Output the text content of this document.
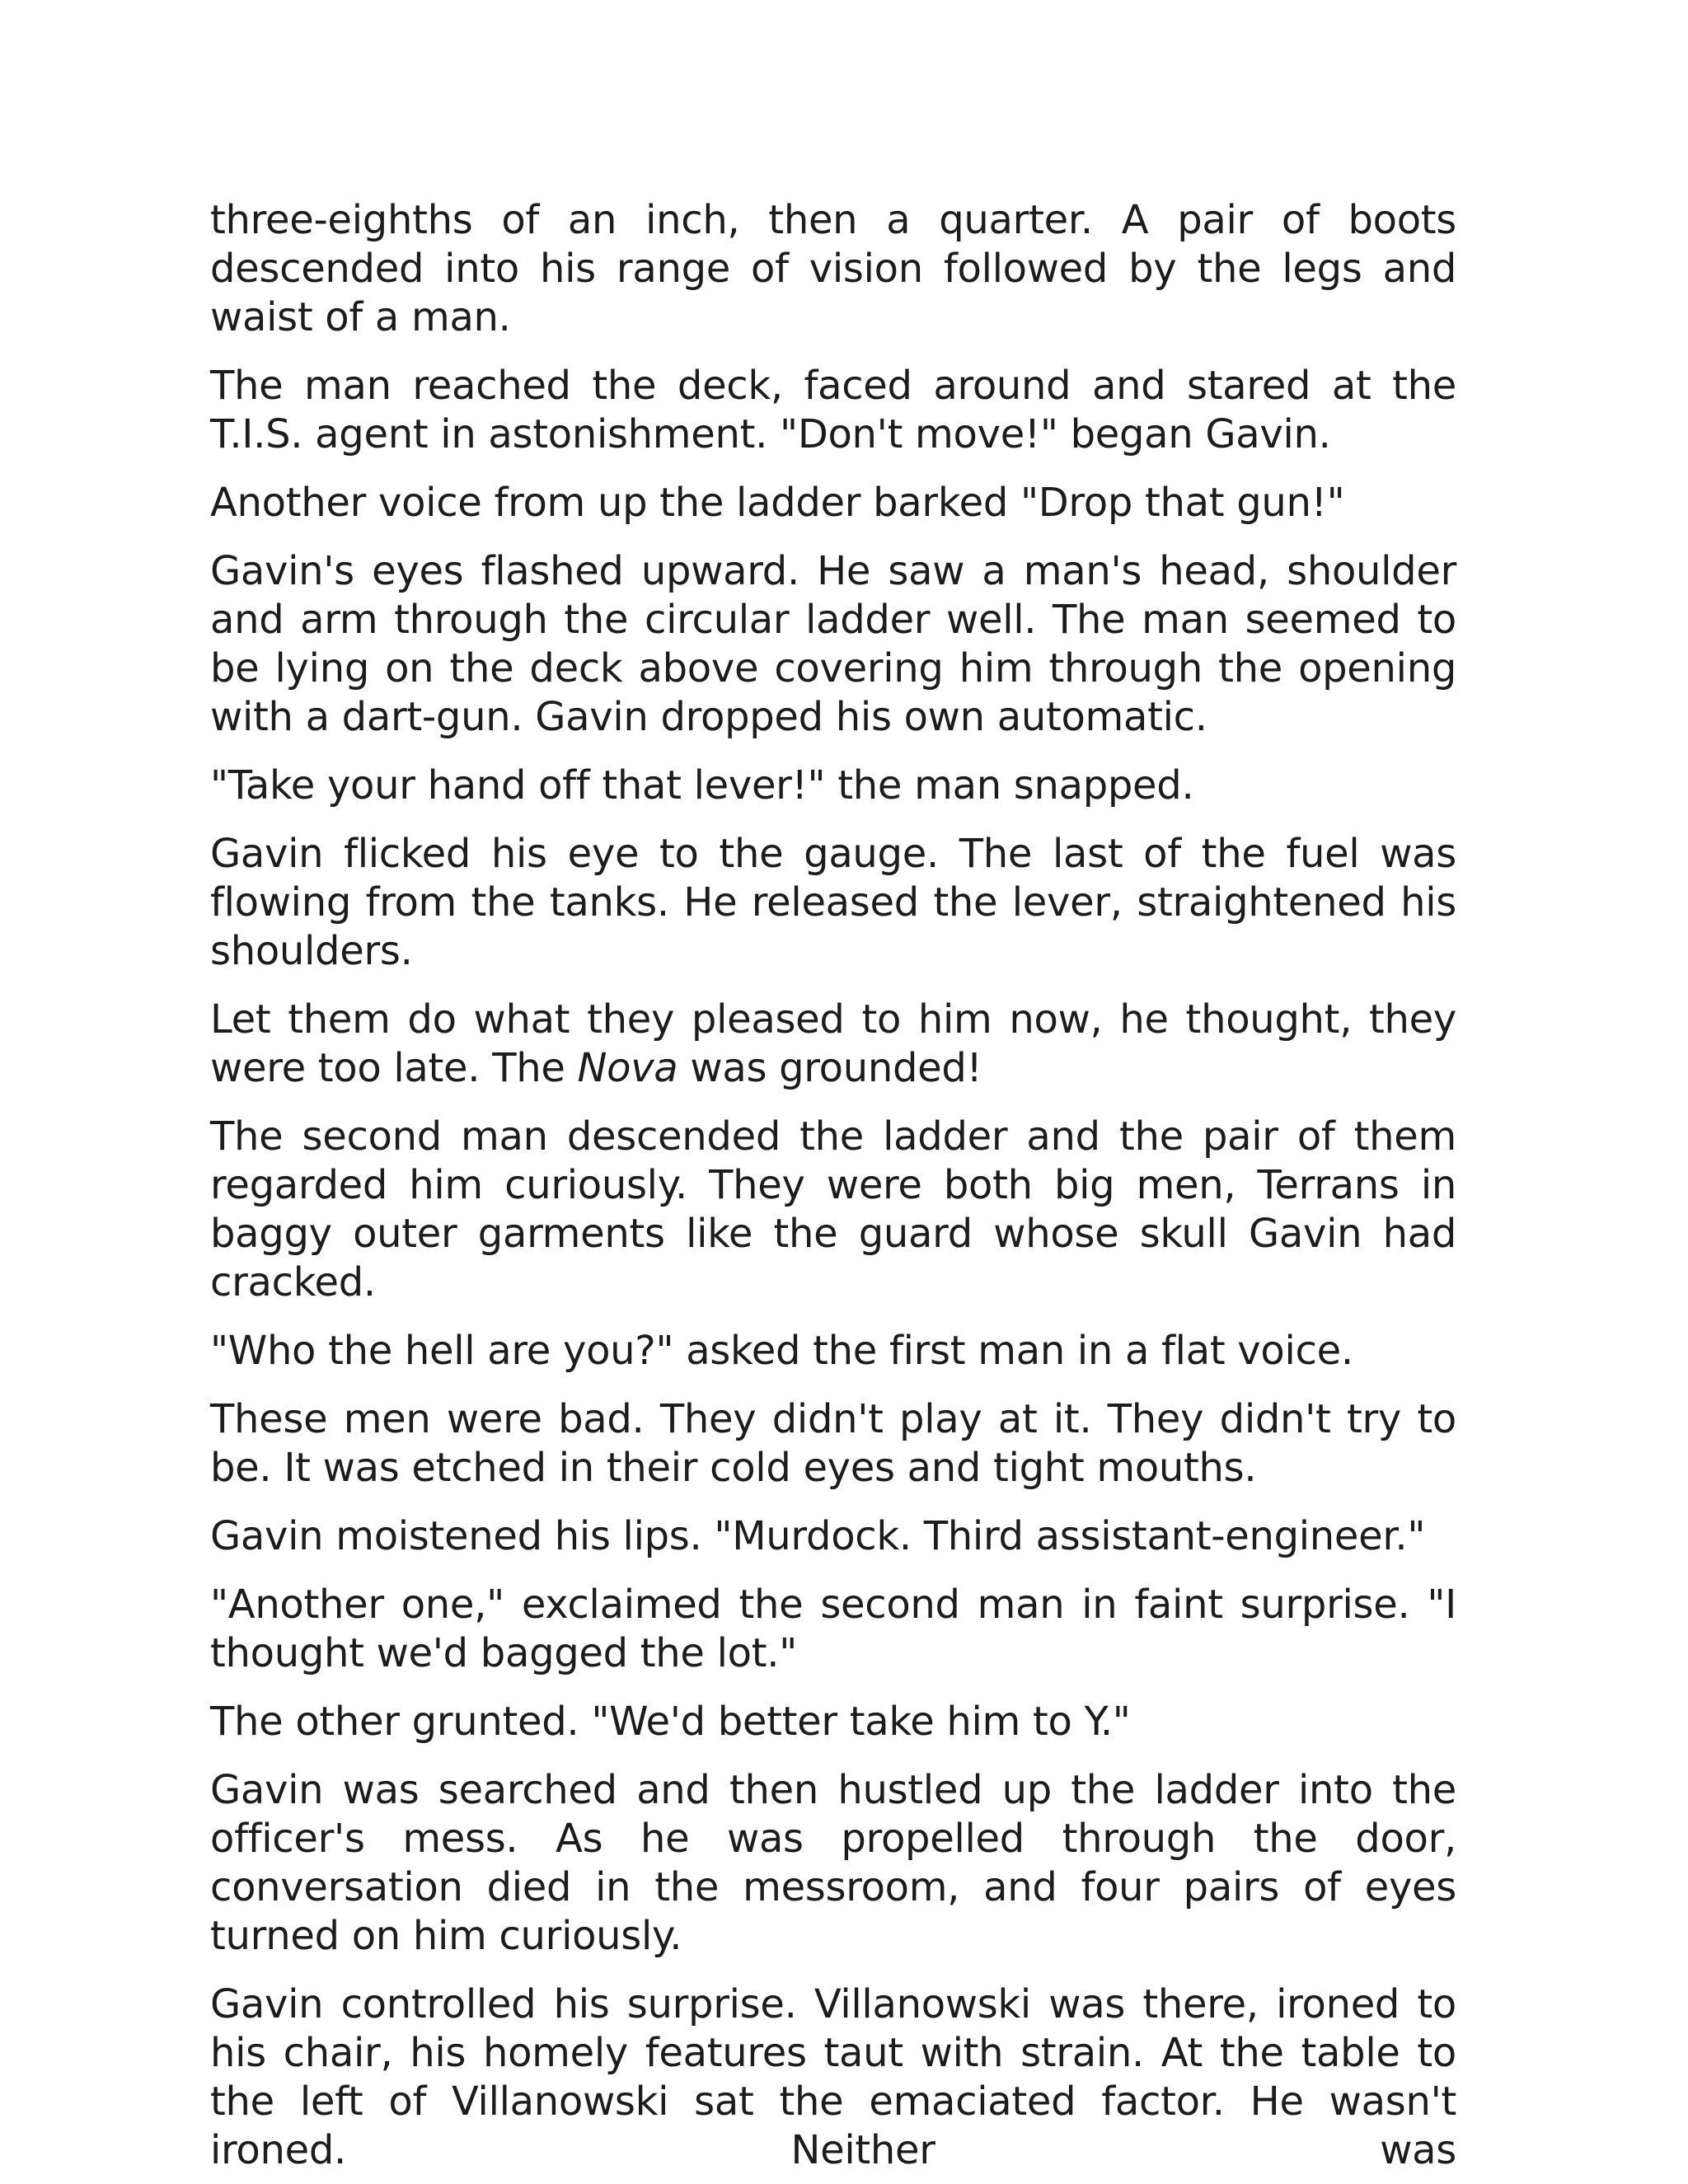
three-eighths of an inch, then a quarter. A pair of boots descended into his range of vision followed by the legs and waist of a man.

The man reached the deck, faced around and stared at the T.I.S. agent in astonishment. "Don't move!" began Gavin.

Another voice from up the ladder barked "Drop that gun!"

Gavin's eyes flashed upward. He saw a man's head, shoulder and arm through the circular ladder well. The man seemed to be lying on the deck above covering him through the opening with a dart-gun. Gavin dropped his own automatic.

"Take your hand off that lever!" the man snapped.

Gavin flicked his eye to the gauge. The last of the fuel was flowing from the tanks. He released the lever, straightened his shoulders.

Let them do what they pleased to him now, he thought, they were too late. The Nova was grounded!

The second man descended the ladder and the pair of them regarded him curiously. They were both big men, Terrans in baggy outer garments like the guard whose skull Gavin had cracked.

"Who the hell are you?" asked the first man in a flat voice.

These men were bad. They didn't play at it. They didn't try to be. It was etched in their cold eyes and tight mouths.

Gavin moistened his lips. "Murdock. Third assistant-engineer."

"Another one," exclaimed the second man in faint surprise. "I thought we'd bagged the lot."

The other grunted. "We'd better take him to Y."

Gavin was searched and then hustled up the ladder into the officer's mess. As he was propelled through the door, conversation died in the messroom, and four pairs of eyes turned on him curiously.

Gavin controlled his surprise. Villanowski was there, ironed to his chair, his homely features taut with strain. At the table to the left of Villanowski sat the emaciated factor. He wasn't ironed. Neither was
